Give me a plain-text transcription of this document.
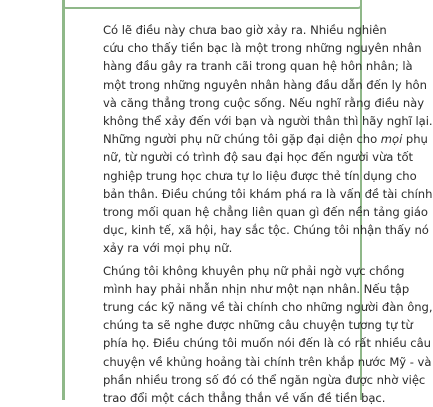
Có lẽ điều này chưa bao giờ xảy ra. Nhiều nghiên
cứu cho thấy tiền bạc là một trong những nguyên nhân
hàng đầu gây ra tranh cãi trong quan hệ hôn nhân; là
một trong những nguyên nhân hàng đầu dẫn đến ly hôn
và căng thẳng trong cuộc sống. Nếu nghĩ rằng điều này
không thể xảy đến với bạn và người thân thì hãy nghĩ lại.
Những người phụ nữ chúng tôi gặp đại diện cho mọi phụ
nữ, từ người có trình độ sau đại học đến người vừa tốt
nghiệp trung học chưa tự lo liệu được thẻ tín dụng cho
bản thân. Điều chúng tôi khám phá ra là vấn đề tài chính
trong mối quan hệ chẳng liên quan gì đến nền tảng giáo
dục, kinh tế, xã hội, hay sắc tộc. Chúng tôi nhận thấy nó
xảy ra với mọi phụ nữ.
Chúng tôi không khuyên phụ nữ phải ngờ vực chồng
mình hay phải nhẫn nhịn như một nạn nhân. Nếu tập
trung các kỹ năng về tài chính cho những người đàn ông,
chúng ta sẽ nghe được những câu chuyện tương tự từ
phía họ. Điều chúng tôi muốn nói đến là có rất nhiều câu
chuyện về khủng hoảng tài chính trên khắp nước Mỹ - và
phần nhiều trong số đó có thể ngăn ngừa được nhờ việc
trao đổi một cách thẳng thắn về vấn đề tiền bạc.
